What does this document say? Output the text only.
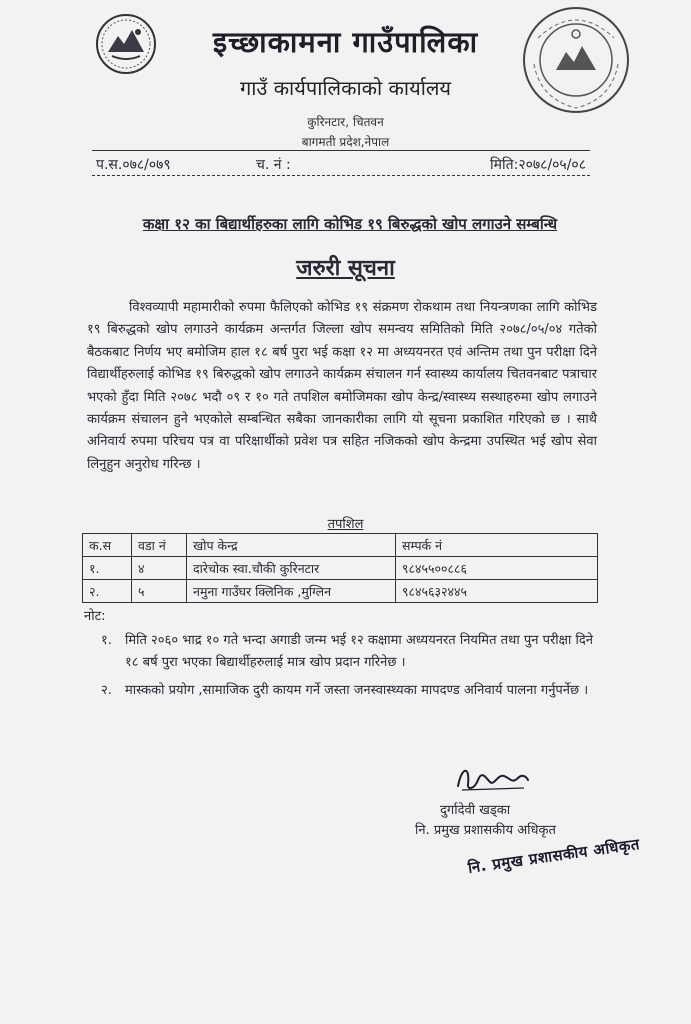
इच्छाकामना गाउँपालिका
गाउँ कार्यपालिकाको कार्यालय
कुरिनटार, चितवन
बागमती प्रदेश,नेपाल
प.स.०७८/०७९	च. नं :	मिति:२०७८/०५/०८
कक्षा १२ का बिद्यार्थीहरुका लागि कोभिड १९ बिरुद्धको खोप लगाउने सम्बन्धि
जरुरी सूचना

विश्वव्यापी महामारीको रुपमा फैलिएको कोभिड १९ संक्रमण रोकथाम तथा नियन्त्रणका लागि कोभिड १९ बिरुद्धको खोप लगाउने कार्यक्रम अन्तर्गत जिल्ला खोप समन्वय समितिको मिति २०७८/०५/०४ गतेको बैठकबाट निर्णय भए बमोजिम हाल १८ बर्ष पुरा भई कक्षा १२ मा अध्ययनरत एवं अन्तिम तथा पुन परीक्षा दिने विद्यार्थीहरुलाई कोभिड १९ बिरुद्धको खोप लगाउने कार्यक्रम संचालन गर्न स्वास्थ्य कार्यालय चितवनबाट पत्राचार भएको हुँदा मिति २०७८ भदौ ०९ र १० गते तपशिल बमोजिमका खोप केन्द्र/स्वास्थ्य सस्थाहरुमा खोप लगाउने कार्यक्रम संचालन हुने भएकोले सम्बन्धित सबैका जानकारीका लागि यो सूचना प्रकाशित गरिएको छ । साथै अनिवार्य रुपमा परिचय पत्र वा परिक्षार्थीको प्रवेश पत्र सहित नजिकको खोप केन्द्रमा उपस्थित भई खोप सेवा लिनुहुन अनुरोध गरिन्छ ।

तपशिल
क.स	वडा नं	खोप केन्द्र	सम्पर्क नं
१.	४	दारेचोक स्वा.चौकी कुरिनटार	९८४५५००८८६
२.	५	नमुना गाउँघर क्लिनिक ,मुग्लिन	९८४५६३२४४५
नोट:
१. मिति २०६० भाद्र १० गते भन्दा अगाडी जन्म भई १२ कक्षामा अध्ययनरत नियमित तथा पुन परीक्षा दिने १८ बर्ष पुरा भएका बिद्यार्थीहरुलाई मात्र खोप प्रदान गरिनेछ ।
२. मास्कको प्रयोग ,सामाजिक दुरी कायम गर्ने जस्ता जनस्वास्थ्यका मापदण्ड अनिवार्य पालना गर्नुपर्नेछ ।
दुर्गादेवी खड्का
नि. प्रमुख प्रशासकीय अधिकृत
नि. प्रमुख प्रशासकीय अधिकृत
